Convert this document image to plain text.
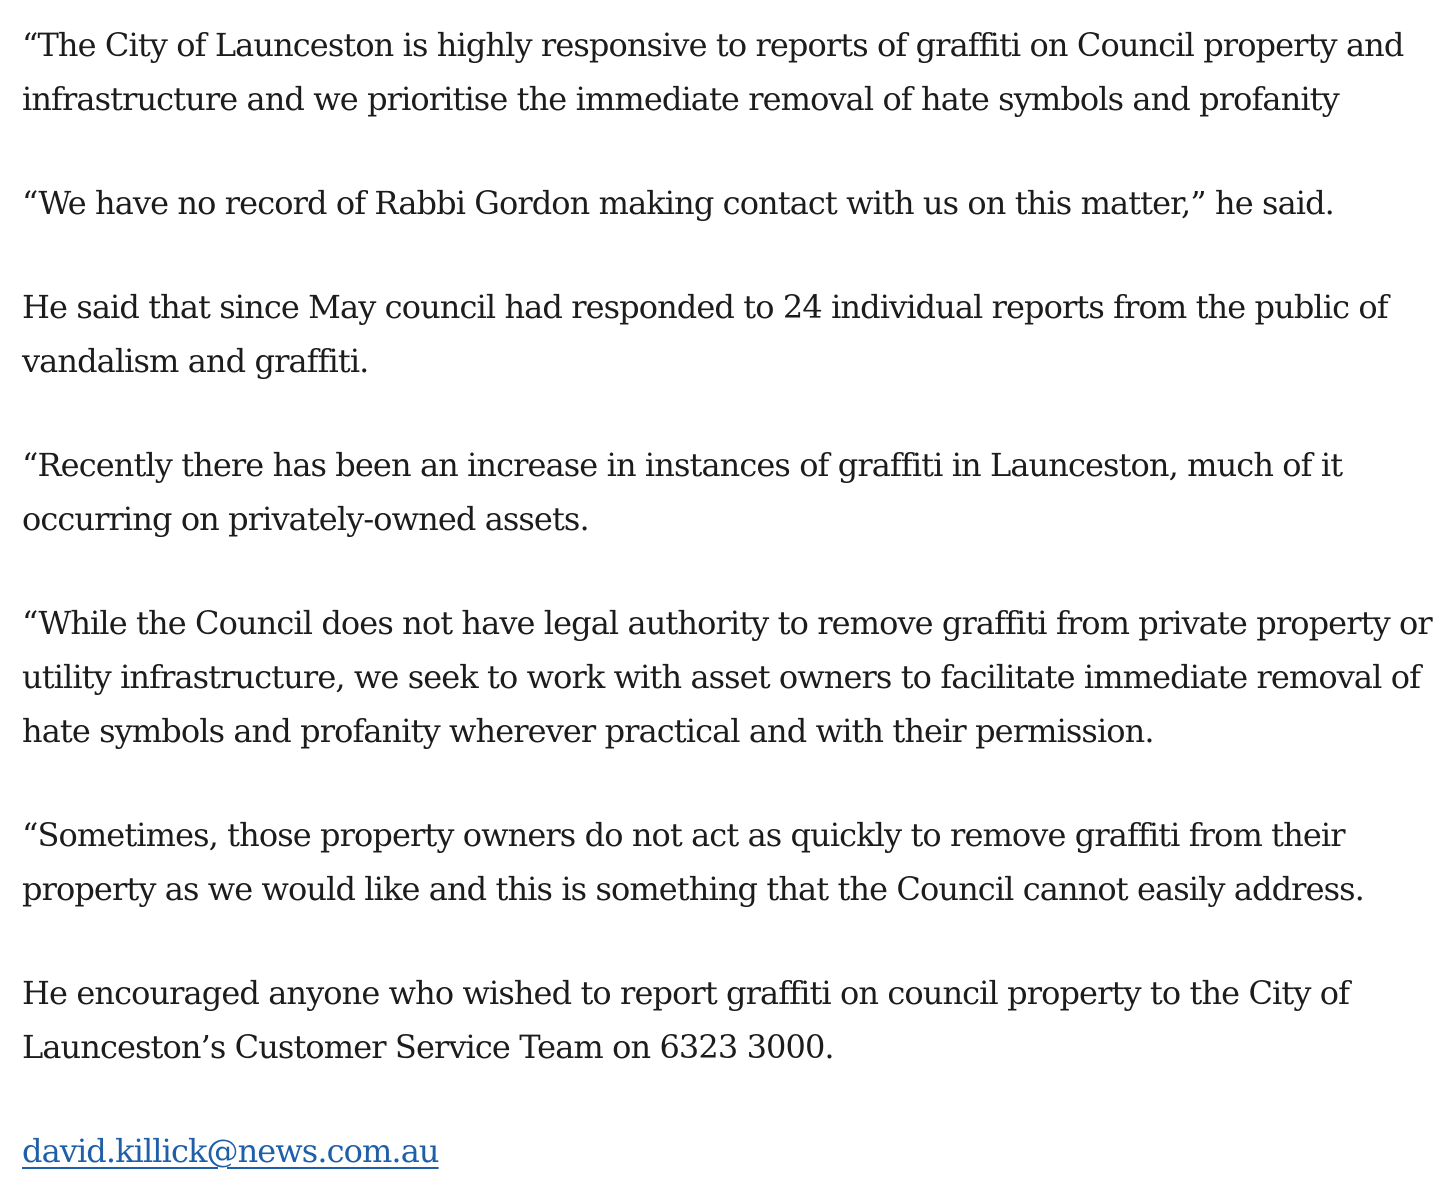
“The City of Launceston is highly responsive to reports of graffiti on Council property and infrastructure and we prioritise the immediate removal of hate symbols and profanity

“We have no record of Rabbi Gordon making contact with us on this matter,” he said.

He said that since May council had responded to 24 individual reports from the public of vandalism and graffiti.

“Recently there has been an increase in instances of graffiti in Launceston, much of it occurring on privately-owned assets.

“While the Council does not have legal authority to remove graffiti from private property or utility infrastructure, we seek to work with asset owners to facilitate immediate removal of hate symbols and profanity wherever practical and with their permission.

“Sometimes, those property owners do not act as quickly to remove graffiti from their property as we would like and this is something that the Council cannot easily address.

He encouraged anyone who wished to report graffiti on council property to the City of Launceston’s Customer Service Team on 6323 3000.

david.killick@news.com.au
